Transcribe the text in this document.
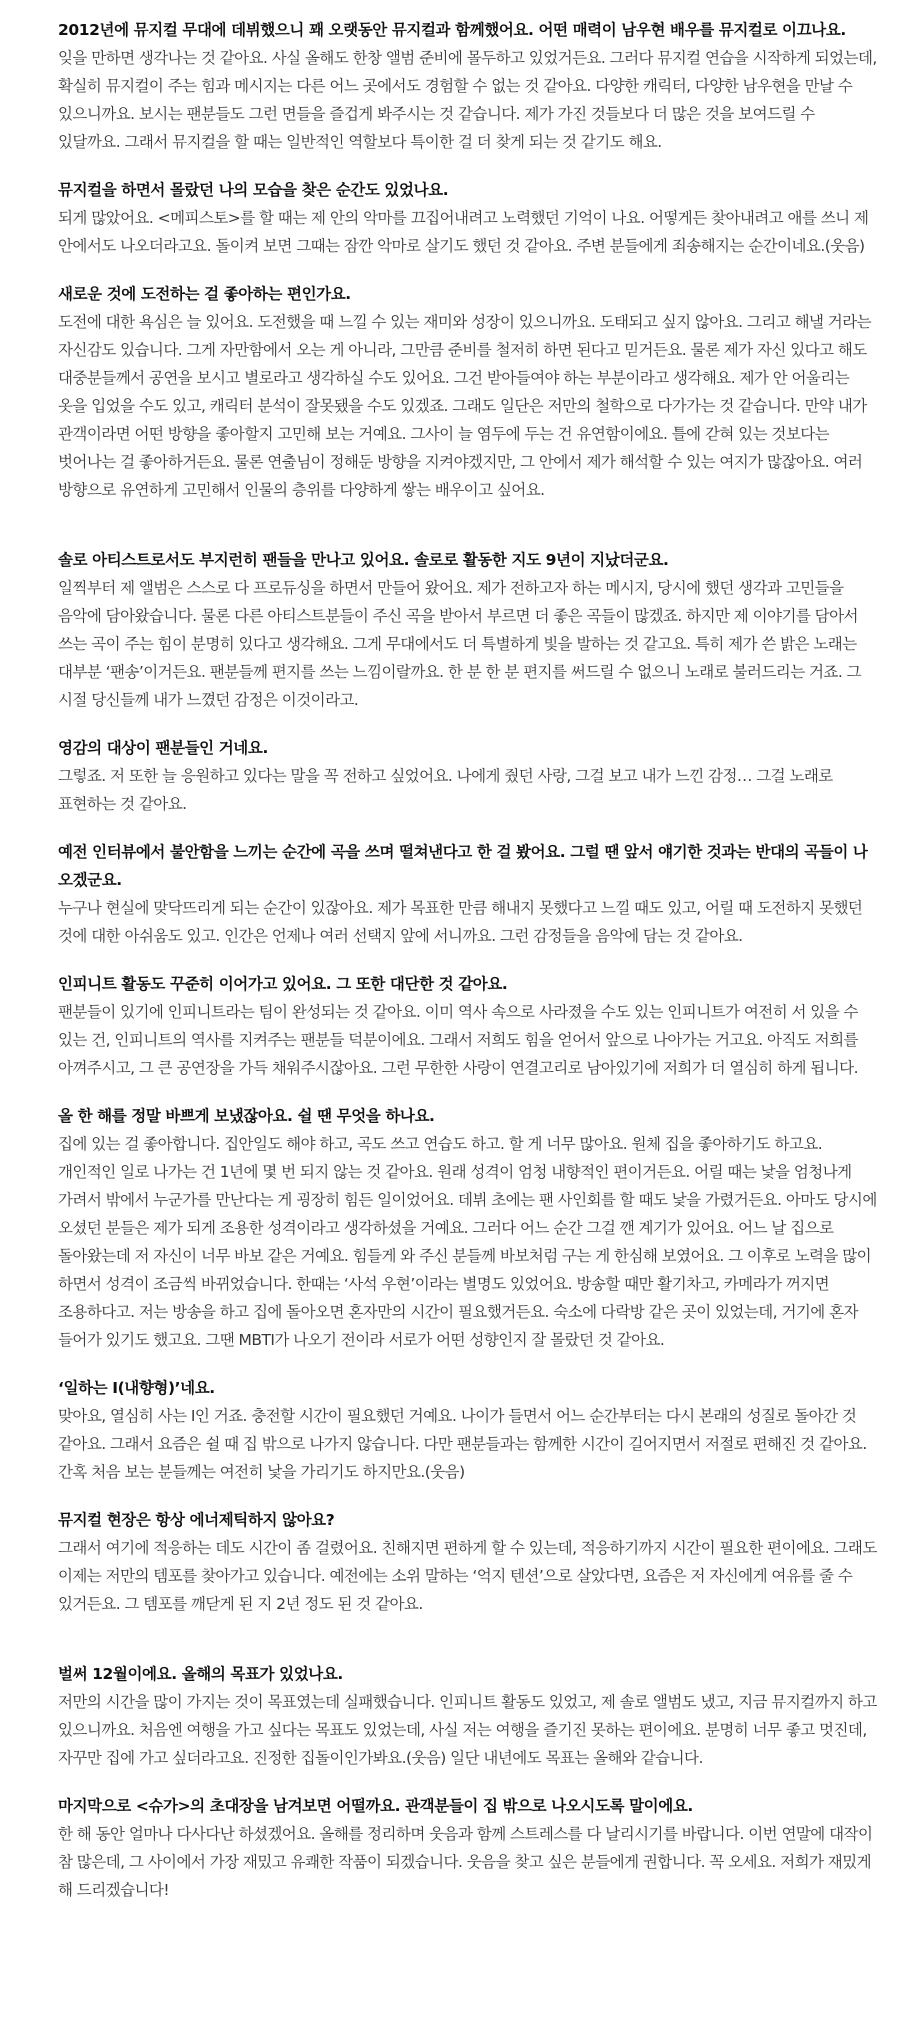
2012년에 뮤지컬 무대에 데뷔했으니 꽤 오랫동안 뮤지컬과 함께했어요. 어떤 매력이 남우현 배우를 뮤지컬로 이끄나요.

잊을 만하면 생각나는 것 같아요. 사실 올해도 한창 앨범 준비에 몰두하고 있었거든요. 그러다 뮤지컬 연습을 시작하게 되었는데, 확실히 뮤지컬이 주는 힘과 메시지는 다른 어느 곳에서도 경험할 수 없는 것 같아요. 다양한 캐릭터, 다양한 남우현을 만날 수 있으니까요. 보시는 팬분들도 그런 면들을 즐겁게 봐주시는 것 같습니다. 제가 가진 것들보다 더 많은 것을 보여드릴 수 있달까요. 그래서 뮤지컬을 할 때는 일반적인 역할보다 특이한 걸 더 찾게 되는 것 같기도 해요.

뮤지컬을 하면서 몰랐던 나의 모습을 찾은 순간도 있었나요.

되게 많았어요. <메피스토>를 할 때는 제 안의 악마를 끄집어내려고 노력했던 기억이 나요. 어떻게든 찾아내려고 애를 쓰니 제 안에서도 나오더라고요. 돌이켜 보면 그때는 잠깐 악마로 살기도 했던 것 같아요. 주변 분들에게 죄송해지는 순간이네요.(웃음)

새로운 것에 도전하는 걸 좋아하는 편인가요.

도전에 대한 욕심은 늘 있어요. 도전했을 때 느낄 수 있는 재미와 성장이 있으니까요. 도태되고 싶지 않아요. 그리고 해낼 거라는 자신감도 있습니다. 그게 자만함에서 오는 게 아니라, 그만큼 준비를 철저히 하면 된다고 믿거든요. 물론 제가 자신 있다고 해도 대중분들께서 공연을 보시고 별로라고 생각하실 수도 있어요. 그건 받아들여야 하는 부분이라고 생각해요. 제가 안 어울리는 옷을 입었을 수도 있고, 캐릭터 분석이 잘못됐을 수도 있겠죠. 그래도 일단은 저만의 철학으로 다가가는 것 같습니다. 만약 내가 관객이라면 어떤 방향을 좋아할지 고민해 보는 거예요. 그사이 늘 염두에 두는 건 유연함이에요. 틀에 갇혀 있는 것보다는 벗어나는 걸 좋아하거든요. 물론 연출님이 정해둔 방향을 지켜야겠지만, 그 안에서 제가 해석할 수 있는 여지가 많잖아요. 여러 방향으로 유연하게 고민해서 인물의 층위를 다양하게 쌓는 배우이고 싶어요.

솔로 아티스트로서도 부지런히 팬들을 만나고 있어요. 솔로로 활동한 지도 9년이 지났더군요.

일찍부터 제 앨범은 스스로 다 프로듀싱을 하면서 만들어 왔어요. 제가 전하고자 하는 메시지, 당시에 했던 생각과 고민들을 음악에 담아왔습니다. 물론 다른 아티스트분들이 주신 곡을 받아서 부르면 더 좋은 곡들이 많겠죠. 하지만 제 이야기를 담아서 쓰는 곡이 주는 힘이 분명히 있다고 생각해요. 그게 무대에서도 더 특별하게 빛을 발하는 것 같고요. 특히 제가 쓴 밝은 노래는 대부분 ‘팬송’이거든요. 팬분들께 편지를 쓰는 느낌이랄까요. 한 분 한 분 편지를 써드릴 수 없으니 노래로 불러드리는 거죠. 그 시절 당신들께 내가 느꼈던 감정은 이것이라고.

영감의 대상이 팬분들인 거네요.

그렇죠. 저 또한 늘 응원하고 있다는 말을 꼭 전하고 싶었어요. 나에게 줬던 사랑, 그걸 보고 내가 느낀 감정… 그걸 노래로 표현하는 것 같아요.

예전 인터뷰에서 불안함을 느끼는 순간에 곡을 쓰며 떨쳐낸다고 한 걸 봤어요. 그럴 땐 앞서 얘기한 것과는 반대의 곡들이 나오겠군요.

누구나 현실에 맞닥뜨리게 되는 순간이 있잖아요. 제가 목표한 만큼 해내지 못했다고 느낄 때도 있고, 어릴 때 도전하지 못했던 것에 대한 아쉬움도 있고. 인간은 언제나 여러 선택지 앞에 서니까요. 그런 감정들을 음악에 담는 것 같아요.

인피니트 활동도 꾸준히 이어가고 있어요. 그 또한 대단한 것 같아요.

팬분들이 있기에 인피니트라는 팀이 완성되는 것 같아요. 이미 역사 속으로 사라졌을 수도 있는 인피니트가 여전히 서 있을 수 있는 건, 인피니트의 역사를 지켜주는 팬분들 덕분이에요. 그래서 저희도 힘을 얻어서 앞으로 나아가는 거고요. 아직도 저희를 아껴주시고, 그 큰 공연장을 가득 채워주시잖아요. 그런 무한한 사랑이 연결고리로 남아있기에 저희가 더 열심히 하게 됩니다.

올 한 해를 정말 바쁘게 보냈잖아요. 쉴 땐 무엇을 하나요.

집에 있는 걸 좋아합니다. 집안일도 해야 하고, 곡도 쓰고 연습도 하고. 할 게 너무 많아요. 원체 집을 좋아하기도 하고요. 개인적인 일로 나가는 건 1년에 몇 번 되지 않는 것 같아요. 원래 성격이 엄청 내향적인 편이거든요. 어릴 때는 낯을 엄청나게 가려서 밖에서 누군가를 만난다는 게 굉장히 힘든 일이었어요. 데뷔 초에는 팬 사인회를 할 때도 낯을 가렸거든요. 아마도 당시에 오셨던 분들은 제가 되게 조용한 성격이라고 생각하셨을 거예요. 그러다 어느 순간 그걸 깬 계기가 있어요. 어느 날 집으로 돌아왔는데 저 자신이 너무 바보 같은 거예요. 힘들게 와 주신 분들께 바보처럼 구는 게 한심해 보였어요. 그 이후로 노력을 많이 하면서 성격이 조금씩 바뀌었습니다. 한때는 ‘사석 우현’이라는 별명도 있었어요. 방송할 때만 활기차고, 카메라가 꺼지면 조용하다고. 저는 방송을 하고 집에 돌아오면 혼자만의 시간이 필요했거든요. 숙소에 다락방 같은 곳이 있었는데, 거기에 혼자 들어가 있기도 했고요. 그땐 MBTI가 나오기 전이라 서로가 어떤 성향인지 잘 몰랐던 것 같아요.

‘일하는 I(내향형)’네요.

맞아요, 열심히 사는 I인 거죠. 충전할 시간이 필요했던 거예요. 나이가 들면서 어느 순간부터는 다시 본래의 성질로 돌아간 것 같아요. 그래서 요즘은 쉴 때 집 밖으로 나가지 않습니다. 다만 팬분들과는 함께한 시간이 길어지면서 저절로 편해진 것 같아요. 간혹 처음 보는 분들께는 여전히 낯을 가리기도 하지만요.(웃음)

뮤지컬 현장은 항상 에너제틱하지 않아요?

그래서 여기에 적응하는 데도 시간이 좀 걸렸어요. 친해지면 편하게 할 수 있는데, 적응하기까지 시간이 필요한 편이에요. 그래도 이제는 저만의 템포를 찾아가고 있습니다. 예전에는 소위 말하는 ‘억지 텐션’으로 살았다면, 요즘은 저 자신에게 여유를 줄 수 있거든요. 그 템포를 깨닫게 된 지 2년 정도 된 것 같아요.

벌써 12월이에요. 올해의 목표가 있었나요.

저만의 시간을 많이 가지는 것이 목표였는데 실패했습니다. 인피니트 활동도 있었고, 제 솔로 앨범도 냈고, 지금 뮤지컬까지 하고 있으니까요. 처음엔 여행을 가고 싶다는 목표도 있었는데, 사실 저는 여행을 즐기진 못하는 편이에요. 분명히 너무 좋고 멋진데, 자꾸만 집에 가고 싶더라고요. 진정한 집돌이인가봐요.(웃음) 일단 내년에도 목표는 올해와 같습니다.

마지막으로 <슈가>의 초대장을 남겨보면 어떨까요. 관객분들이 집 밖으로 나오시도록 말이에요.

한 해 동안 얼마나 다사다난 하셨겠어요. 올해를 정리하며 웃음과 함께 스트레스를 다 날리시기를 바랍니다. 이번 연말에 대작이 참 많은데, 그 사이에서 가장 재밌고 유쾌한 작품이 되겠습니다. 웃음을 찾고 싶은 분들에게 권합니다. 꼭 오세요. 저희가 재밌게 해 드리겠습니다!
